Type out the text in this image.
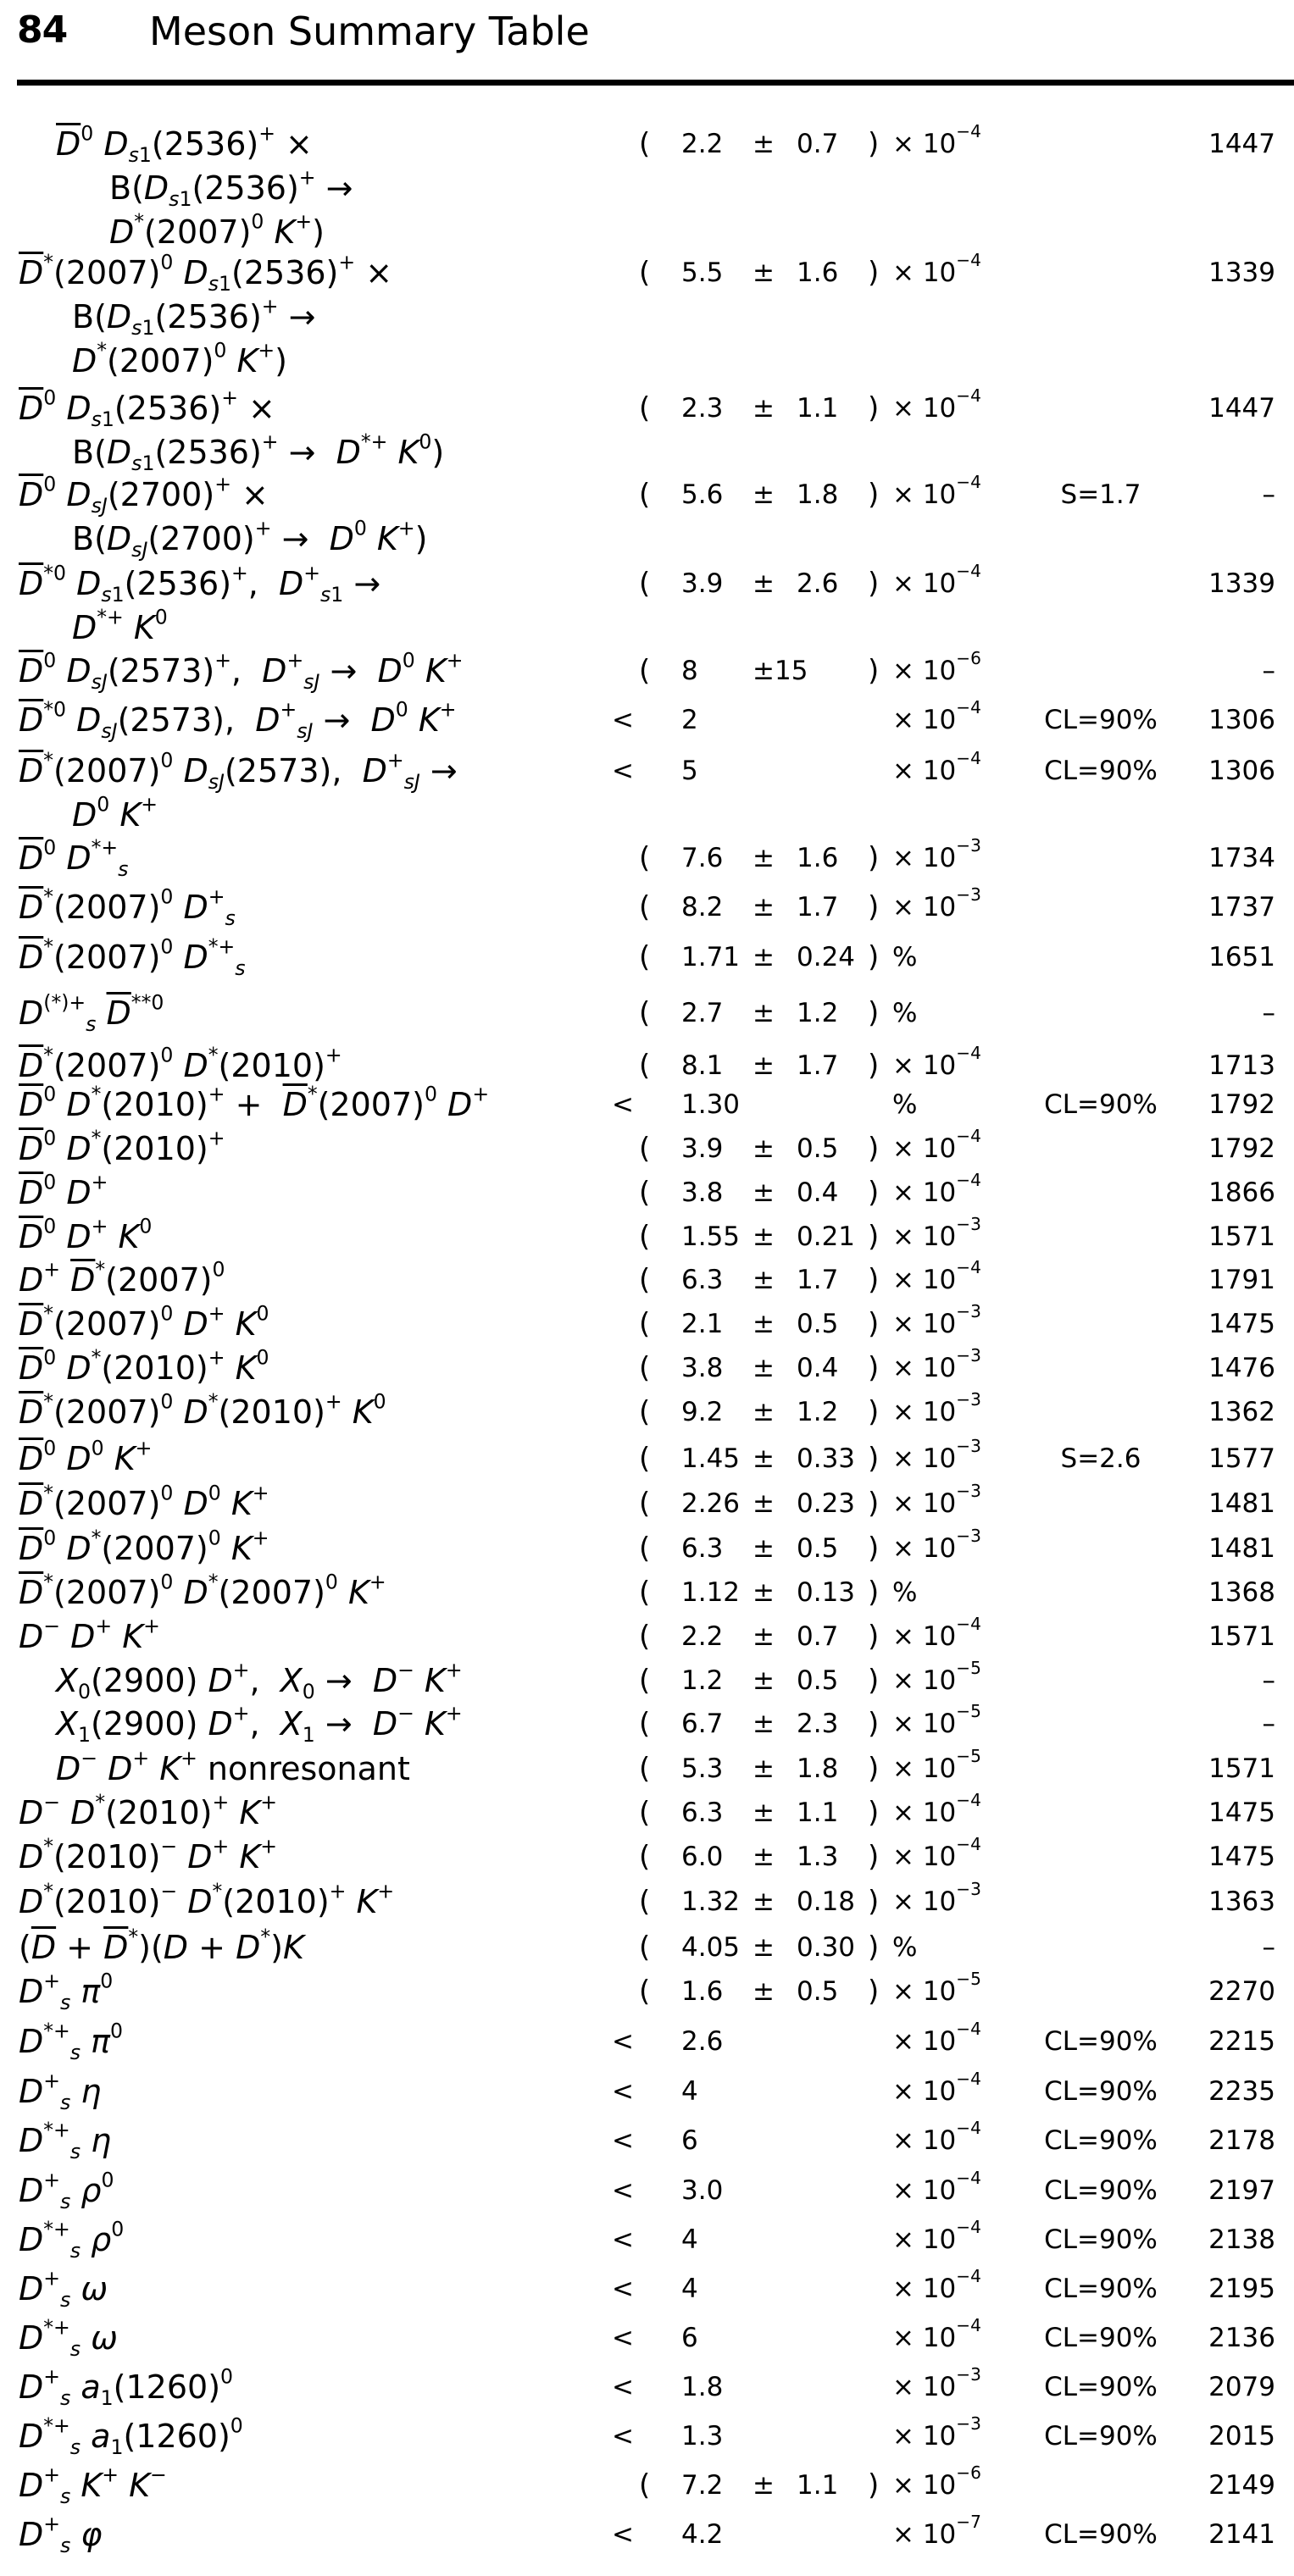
84 Meson Summary Table
$\overline{D}^0$ $D_{s1}(2536)^+$ ×
$B(D_{s1}(2536)^+$ →
$D^*(2007)^0$ K+)
( 2.2 ± 0.7 ) × $10^{-4}$	1447
$\overline{D}^*(2007)^0$ $D_{s1}(2536)^+$ ×
$B(D_{s1}(2536)^+$ →
$D^*(2007)^0$ K+)
( 5.5 ± 1.6 ) × $10^{-4}$	1339
$\overline{D}^0$ $D_{s1}(2536)^+$ ×
$B(D_{s1}(2536)^+ \to D^{*+}$ $K^0$)
( 2.3 ± 1.1 ) × $10^{-4}$	1447
$\overline{D}^0$ $D_{sJ}(2700)^+$ ×
$B(D_{sJ}(2700)^+ \to D^0$ K+)
( 5.6 ± 1.8 ) × $10^{-4}$	S=1.7	–
$\overline{D}^{*0}$ $D_{s1}(2536)^+$,  $D^+_{s1}$ →
D*+ $K^0$
( 3.9 ± 2.6 ) × $10^{-4}$	1339
$\overline{D}^0$ $D_{sJ}(2573)^+$,  $D^+_{sJ} \to D^0$ K+	( 8 ±15 ) × $10^{-6}$	–
$\overline{D}^{*0}$ $D_{sJ}(2573)$,  $D^+_{sJ} \to D^0$ K+	< 2	× $10^{-4}$	CL=90%	1306
$\overline{D}^*(2007)^0$ $D_{sJ}(2573)$,  $D^+_{sJ}$ →
$D^0$ K+
< 5	× $10^{-4}$	CL=90%	1306
$\overline{D}^0$ $D^{*+}_s$	( 7.6 ± 1.6 ) × $10^{-3}$	1734
$\overline{D}^*(2007)^0$ $D^+_s$	( 8.2 ± 1.7 ) × $10^{-3}$	1737
$\overline{D}^*(2007)^0$ $D^{*+}_s$	( 1.71 ± 0.24 ) %	1651
$D^{(*)+}_s$ $\overline{D}^{**0}$	( 2.7 ± 1.2 ) %	–
$\overline{D}^*(2007)^0$ D*(2010)+	( 8.1 ± 1.7 ) × $10^{-4}$	1713
$\overline{D}^0$ $D^*(2010)^+ + \overline{D}^*(2007)^0$ D+	< 1.30	%	CL=90%	1792
$\overline{D}^0$ D*(2010)+	( 3.9 ± 0.5 ) × $10^{-4}$	1792
$\overline{D}^0$ D+	( 3.8 ± 0.4 ) × $10^{-4}$	1866
$\overline{D}^0$ D+ $K^0$	( 1.55 ± 0.21 ) × $10^{-3}$	1571
D+ $\overline{D}^*(2007)^0$	( 6.3 ± 1.7 ) × $10^{-4}$	1791
$\overline{D}^*(2007)^0$ D+ $K^0$	( 2.1 ± 0.5 ) × $10^{-3}$	1475
$\overline{D}^0$ D*(2010)+ $K^0$	( 3.8 ± 0.4 ) × $10^{-3}$	1476
$\overline{D}^*(2007)^0$ D*(2010)+ $K^0$	( 9.2 ± 1.2 ) × $10^{-3}$	1362
$\overline{D}^0$ $D^0$ K+	( 1.45 ± 0.33 ) × $10^{-3}$	S=2.6	1577
$\overline{D}^*(2007)^0$ $D^0$ K+	( 2.26 ± 0.23 ) × $10^{-3}$	1481
$\overline{D}^0$ $D^*(2007)^0$ K+	( 6.3 ± 0.5 ) × $10^{-3}$	1481
$\overline{D}^*(2007)^0$ $D^*(2007)^0$ K+	( 1.12 ± 0.13 ) %	1368
D− D+ K+	( 2.2 ± 0.7 ) × $10^{-4}$	1571
$X_0(2900)$ D+,  $X_0 \to D^-$ K+	( 1.2 ± 0.5 ) × $10^{-5}$	–
$X_1(2900)$ D+,  $X_1 \to D^-$ K+	( 6.7 ± 2.3 ) × $10^{-5}$	–
D− D+ K+ nonresonant	( 5.3 ± 1.8 ) × $10^{-5}$	1571
D− D*(2010)+ K+	( 6.3 ± 1.1 ) × $10^{-4}$	1475
D*(2010)− D+ K+	( 6.0 ± 1.3 ) × $10^{-4}$	1475
D*(2010)− D*(2010)+ K+	( 1.32 ± 0.18 ) × $10^{-3}$	1363
$(\overline{D} + \overline{D}^*)(D + D^*)K$	( 4.05 ± 0.30 ) %	–
$D^+_s$ $\pi^0$	( 1.6 ± 0.5 ) × $10^{-5}$	2270
$D^{*+}_s$ $\pi^0$	< 2.6	× $10^{-4}$	CL=90%	2215
$D^+_s$ η	< 4	× $10^{-4}$	CL=90%	2235
$D^{*+}_s$ η	< 6	× $10^{-4}$	CL=90%	2178
$D^+_s$ $\rho^0$	< 3.0	× $10^{-4}$	CL=90%	2197
$D^{*+}_s$ $\rho^0$	< 4	× $10^{-4}$	CL=90%	2138
$D^+_s$ ω	< 4	× $10^{-4}$	CL=90%	2195
$D^{*+}_s$ ω	< 6	× $10^{-4}$	CL=90%	2136
$D^+_s$ $a_1(1260)^0$	< 1.8	× $10^{-3}$	CL=90%	2079
$D^{*+}_s$ $a_1(1260)^0$	< 1.3	× $10^{-3}$	CL=90%	2015
$D^+_s$ K+ K−	( 7.2 ± 1.1 ) × $10^{-6}$	2149
$D^+_s$ φ	< 4.2	× $10^{-7}$	CL=90%	2141
